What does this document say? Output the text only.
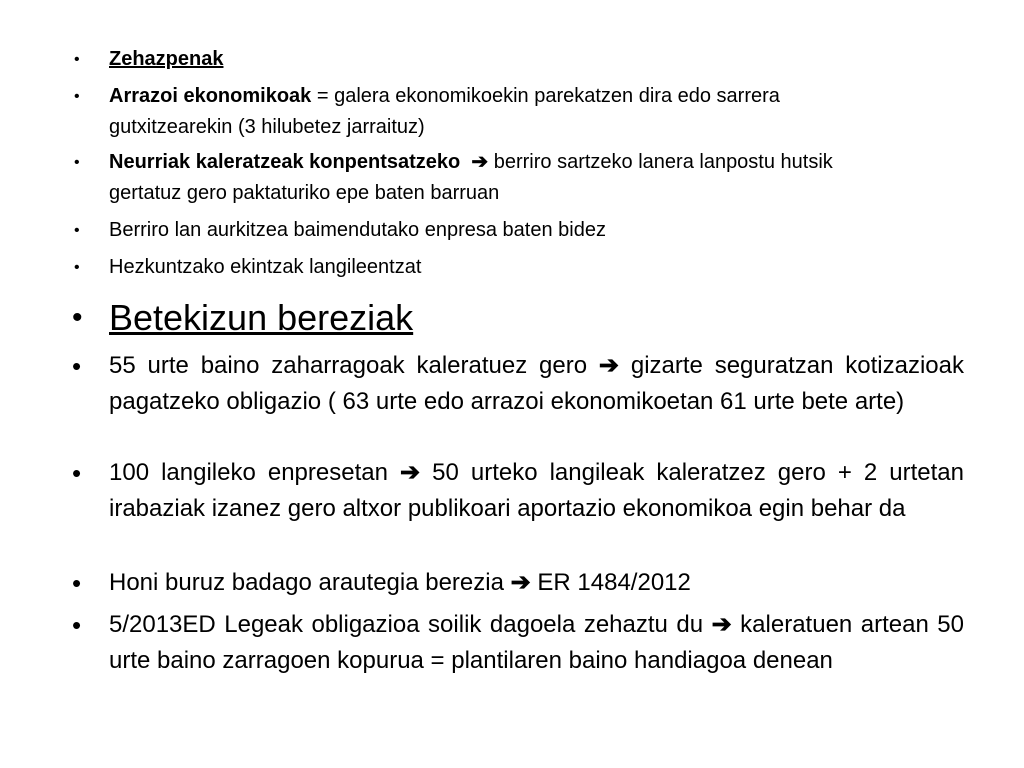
• Zehazpenak
• Arrazoi ekonomikoak = galera ekonomikoekin parekatzen dira edo sarrera gutxitzearekin (3 hilubetez jarraituz)
• Neurriak kaleratzeak konpentsatzeko ➔ berriro sartzeko lanera lanpostu hutsik gertatuz gero paktaturiko epe baten barruan
• Berriro lan aurkitzea baimendutako enpresa baten bidez
• Hezkuntzako ekintzak langileentzat
• Betekizun bereziak
• 55 urte baino zaharragoak kaleratuez gero ➔ gizarte seguratzan kotizazioak pagatzeko obligazio ( 63 urte edo arrazoi ekonomikoetan 61 urte bete arte)
• 100 langileko enpresetan ➔ 50 urteko langileak kaleratzez gero + 2 urtetan irabaziak izanez gero altxor publikoari aportazio ekonomikoa egin behar da
• Honi buruz badago arautegia berezia ➔ ER 1484/2012
• 5/2013ED Legeak obligazioa soilik dagoela zehaztu du ➔ kaleratuen artean 50 urte baino zarragoen kopurua = plantilaren baino handiagoa denean
